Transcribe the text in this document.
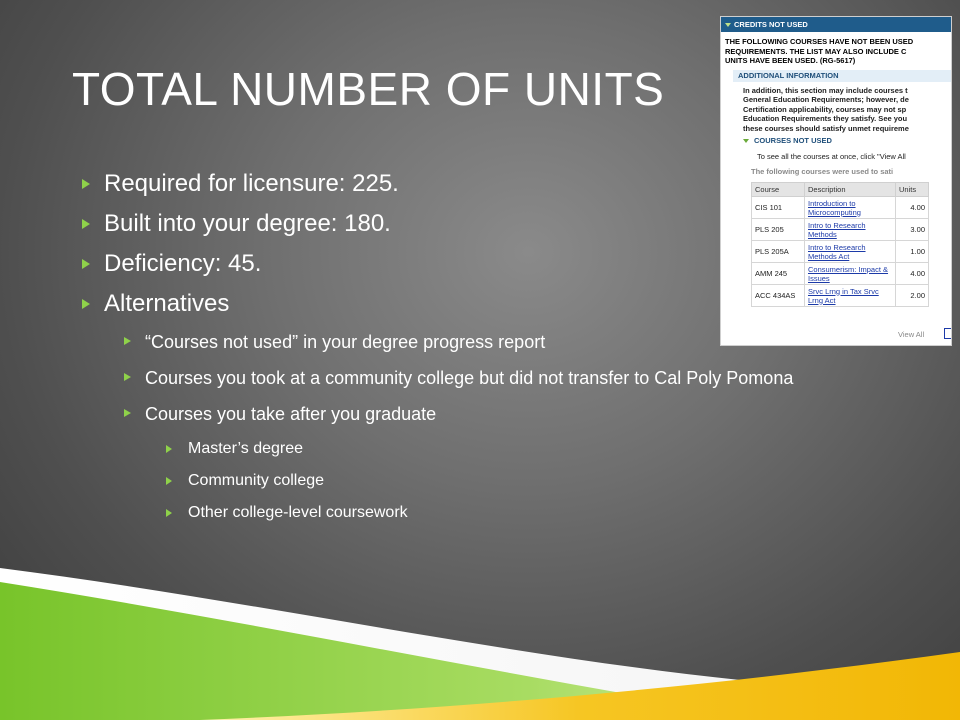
TOTAL NUMBER OF UNITS
Required for licensure: 225.
Built into your degree: 180.
Deficiency: 45.
Alternatives
“Courses not used” in your degree progress report
Courses you took at a community college but did not transfer to Cal Poly Pomona
Courses you take after you graduate
Master’s degree
Community college
Other college-level coursework
CREDITS NOT USED
THE FOLLOWING COURSES HAVE NOT BEEN USED
REQUIREMENTS. THE LIST MAY ALSO INCLUDE C
UNITS HAVE BEEN USED. (RG-5617)
ADDITIONAL INFORMATION
In addition, this section may include courses t
General Education Requirements; however, de
Certification applicability, courses may not sp
Education Requirements they satisfy. See you
these courses should satisfy unmet requireme
COURSES NOT USED
To see all the courses at once, click "View All
The following courses were used to sati
Course	Description	Units
CIS 101	Introduction to Microcomputing	4.00
PLS 205	Intro to Research Methods	3.00
PLS 205A	Intro to Research Methods Act	1.00
AMM 245	Consumerism: Impact & Issues	4.00
ACC 434AS	Srvc Lrng in Tax Srvc Lrng Act	2.00
View All
